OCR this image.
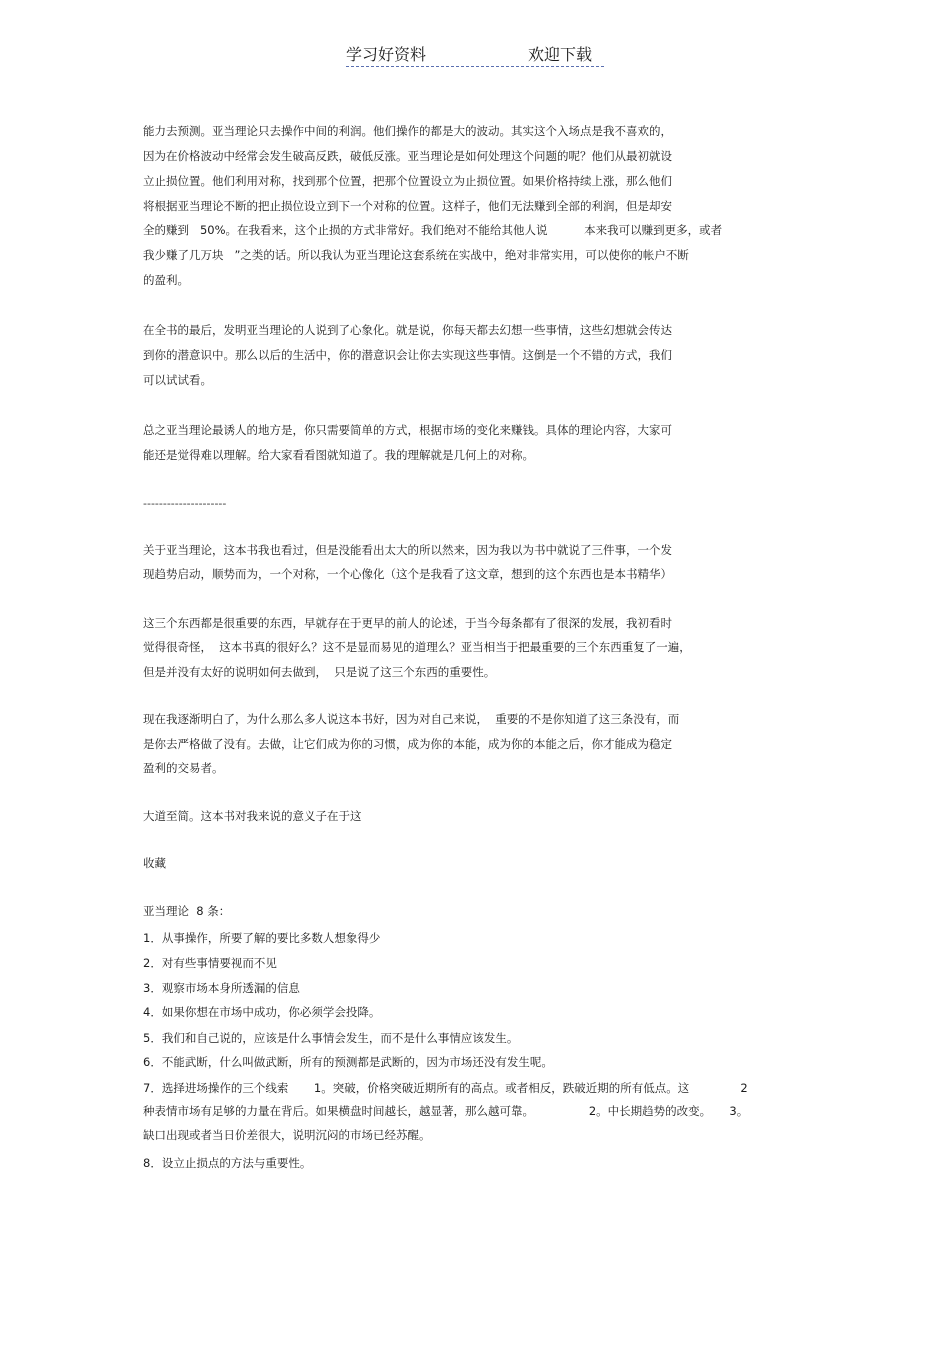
学习好资料	欢迎下载
能力去预测。亚当理论只去操作中间的利润。他们操作的都是大的波动。其实这个入场点是我不喜欢的，
因为在价格波动中经常会发生破高反跌，破低反涨。亚当理论是如何处理这个问题的呢？他们从最初就设
立止损位置。他们利用对称，找到那个位置，把那个位置设立为止损位置。如果价格持续上涨，那么他们
将根据亚当理论不断的把止损位设立到下一个对称的位置。这样子，他们无法赚到全部的利润，但是却安
全的赚到   50%。在我看来，这个止损的方式非常好。我们绝对不能给其他人说          本来我可以赚到更多，或者
我少赚了几万块   ”之类的话。所以我认为亚当理论这套系统在实战中，绝对非常实用，可以使你的帐户不断
的盈利。
在全书的最后，发明亚当理论的人说到了心象化。就是说，你每天都去幻想一些事情，这些幻想就会传达
到你的潜意识中。那么以后的生活中，你的潜意识会让你去实现这些事情。这倒是一个不错的方式，我们
可以试试看。
总之亚当理论最诱人的地方是，你只需要简单的方式，根据市场的变化来赚钱。具体的理论内容，大家可
能还是觉得难以理解。给大家看看图就知道了。我的理解就是几何上的对称。
---------------------
关于亚当理论，这本书我也看过，但是没能看出太大的所以然来，因为我以为书中就说了三件事，一个发
现趋势启动，顺势而为，一个对称，一个心像化（这个是我看了这文章，想到的这个东西也是本书精华）
这三个东西都是很重要的东西，早就存在于更早的前人的论述，于当今每条都有了很深的发展，我初看时
觉得很奇怪，  这本书真的很好么？这不是显而易见的道理么？亚当相当于把最重要的三个东西重复了一遍，
但是并没有太好的说明如何去做到，  只是说了这三个东西的重要性。
现在我逐渐明白了，为什么那么多人说这本书好，因为对自己来说，  重要的不是你知道了这三条没有，而
是你去严格做了没有。去做，让它们成为你的习惯，成为你的本能，成为你的本能之后，你才能成为稳定
盈利的交易者。
大道至简。这本书对我来说的意义子在于这
收藏
亚当理论  8 条：
1．从事操作，所要了解的要比多数人想象得少
2．对有些事情要视而不见
3．观察市场本身所透漏的信息
4．如果你想在市场中成功，你必须学会投降。
5．我们和自己说的，应该是什么事情会发生，而不是什么事情应该发生。
6．不能武断，什么叫做武断，所有的预测都是武断的，因为市场还没有发生呢。
7．选择进场操作的三个线索       1。突破，价格突破近期所有的高点。或者相反，跌破近期的所有低点。这              2
种表情市场有足够的力量在背后。如果横盘时间越长，越显著，那么越可靠。               2。中长期趋势的改变。     3。
缺口出现或者当日价差很大，说明沉闷的市场已经苏醒。
8．设立止损点的方法与重要性。
